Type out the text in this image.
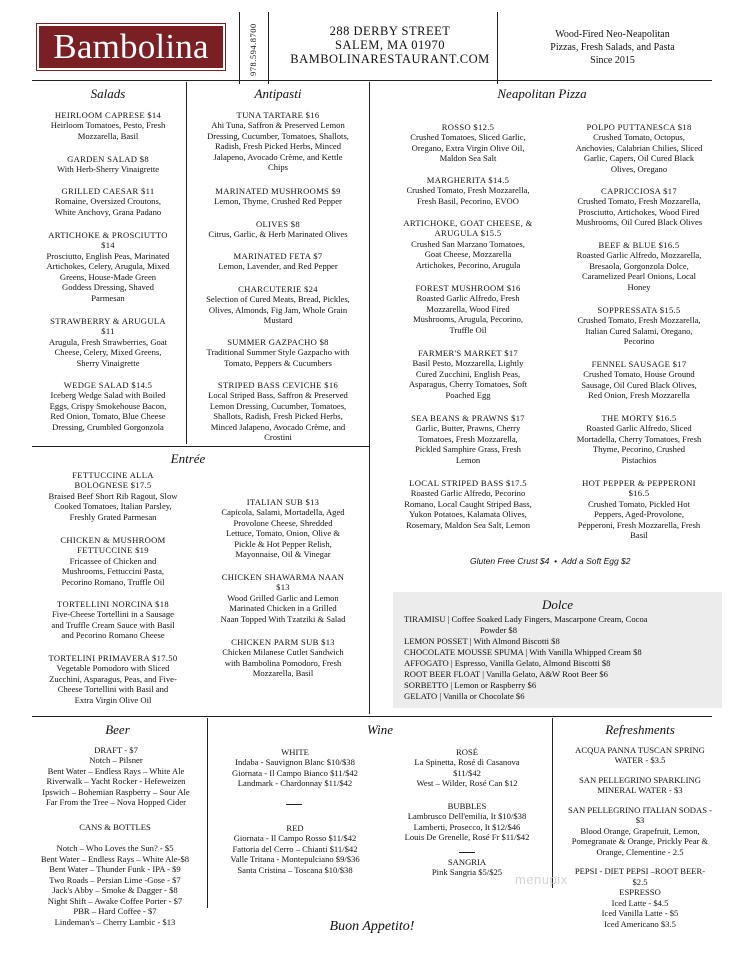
Bambolina	978.594.8700	288 DERBY STREET
SALEM, MA 01970
BAMBOLINARESTAURANT.COM
Wood-Fired Neo-Neapolitan
Pizzas, Fresh Salads, and Pasta
Since 2015
Salads
HEIRLOOM CAPRESE $14
Heirloom Tomatoes, Pesto, Fresh
Mozzarella, Basil
GARDEN SALAD $8
With Herb-Sherry Vinaigrette
GRILLED CAESAR $11
Romaine, Oversized Croutons,
White Anchovy, Grana Padano
ARTICHOKE & PROSCIUTTO
$14
Prosciutto, English Peas, Marinated
Artichokes, Celery, Arugula, Mixed
Greens, House-Made Green
Goddess Dressing, Shaved
Parmesan
STRAWBERRY & ARUGULA
$11
Arugula, Fresh Strawberries, Goat
Cheese, Celery, Mixed Greens,
Sherry Vinaigrette
WEDGE SALAD $14.5
Iceberg Wedge Salad with Boiled
Eggs, Crispy Smokehouse Bacon,
Red Onion, Tomato, Blue Cheese
Dressing, Crumbled Gorgonzola
Antipasti
TUNA TARTARE $16
Ahi Tuna, Saffron & Preserved Lemon
Dressing, Cucumber, Tomatoes, Shallots,
Radish, Fresh Picked Herbs, Minced
Jalapeno, Avocado Crème, and Kettle
Chips
MARINATED MUSHROOMS $9
Lemon, Thyme, Crushed Red Pepper
OLIVES $8
Citrus, Garlic, & Herb Marinated Olives
MARINATED FETA $7
Lemon, Lavender, and Red Pepper
CHARCUTERIE $24
Selection of Cured Meats, Bread, Pickles,
Olives, Almonds, Fig Jam, Whole Grain
Mustard
SUMMER GAZPACHO $8
Traditional Summer Style Gazpacho with
Tomato, Peppers & Cucumbers
STRIPED BASS CEVICHE $16
Local Striped Bass, Saffron & Preserved
Lemon Dressing, Cucumber, Tomatoes,
Shallots, Radish, Fresh Picked Herbs,
Minced Jalapeno, Avocado Crème, and
Crostini
Neapolitan Pizza
ROSSO $12.5
Crushed Tomatoes, Sliced Garlic,
Oregano, Extra Virgin Olive Oil,
Maldon Sea Salt
MARGHERITA $14.5
Crushed Tomato, Fresh Mozzarella,
Fresh Basil, Pecorino, EVOO
ARTICHOKE, GOAT CHEESE, &
ARUGULA $15.5
Crushed San Marzano Tomatoes,
Goat Cheese, Mozzarella
Artichokes, Pecorino, Arugula
FOREST MUSHROOM $16
Roasted Garlic Alfredo, Fresh
Mozzarella, Wood Fired
Mushrooms, Arugula, Pecorino,
Truffle Oil
FARMER'S MARKET $17
Basil Pesto, Mozzarella, Lightly
Cured Zucchini, English Peas,
Asparagus, Cherry Tomatoes, Soft
Poached Egg
SEA BEANS & PRAWNS $17
Garlic, Butter, Prawns, Cherry
Tomatoes, Fresh Mozzarella,
Pickled Samphire Grass, Fresh
Lemon
LOCAL STRIPED BASS $17.5
Roasted Garlic Alfredo, Pecorino
Romano, Local Caught Striped Bass,
Yukon Potatoes, Kalamata Olives,
Rosemary, Maldon Sea Salt, Lemon
POLPO PUTTANESCA $18
Crushed Tomato, Octopus,
Anchovies, Calabrian Chilies, Sliced
Garlic, Capers, Oil Cured Black
Olives, Oregano
CAPRICCIOSA $17
Crushed Tomato, Fresh Mozzarella,
Prosciutto, Artichokes, Wood Fired
Mushrooms, Oil Cured Black Olives
BEEF & BLUE $16.5
Roasted Garlic Alfredo, Mozzarella,
Bresaola, Gorgonzola Dolce,
Caramelized Pearl Onions, Local
Honey
SOPPRESSATA $15.5
Crushed Tomato, Fresh Mozzarella,
Italian Cured Salami, Oregano,
Pecorino
FENNEL SAUSAGE $17
Crushed Tomato, House Ground
Sausage, Oil Cured Black Olives,
Red Onion, Fresh Mozzarella
THE MORTY $16.5
Roasted Garlic Alfredo, Sliced
Mortadella, Cherry Tomatoes, Fresh
Thyme, Pecorino, Crushed
Pistachios
HOT PEPPER & PEPPERONI
$16.5
Crushed Tomato, Pickled Hot
Peppers, Aged-Provolone,
Pepperoni, Fresh Mozzarella, Fresh
Basil
Gluten Free Crust $4 • Add a Soft Egg $2
Entrée
FETTUCCINE ALLA
BOLOGNESE $17.5
Braised Beef Short Rib Ragout, Slow
Cooked Tomatoes, Italian Parsley,
Freshly Grated Parmesan
CHICKEN & MUSHROOM
FETTUCCINE $19
Fricassee of Chicken and
Mushrooms, Fettuccini Pasta,
Pecorino Romano, Truffle Oil
TORTELLINI NORCINA $18
Five-Cheese Tortellini in a Sausage
and Truffle Cream Sauce with Basil
and Pecorino Romano Cheese
TORTELINI PRIMAVERA $17.50
Vegetable Pomodoro with Sliced
Zucchini, Asparagus, Peas, and Five-
Cheese Tortellini with Basil and
Extra Virgin Olive Oil
ITALIAN SUB $13
Capicola, Salami, Mortadella, Aged
Provolone Cheese, Shredded
Lettuce, Tomato, Onion, Olive &
Pickle & Hot Pepper Relish,
Mayonnaise, Oil & Vinegar
CHICKEN SHAWARMA NAAN
$13
Wood Grilled Garlic and Lemon
Marinated Chicken in a Grilled
Naan Topped With Tzatziki & Salad
CHICKEN PARM SUB $13
Chicken Milanese Cutlet Sandwich
with Bambolina Pomodoro, Fresh
Mozzarella, Basil
Dolce
TIRAMISU | Coffee Soaked Lady Fingers, Mascarpone Cream, Cocoa
Powder $8
LEMON POSSET | With Almond Biscotti $8
CHOCOLATE MOUSSE SPUMA | With Vanilla Whipped Cream $8
AFFOGATO | Espresso, Vanilla Gelato, Almond Biscotti $8
ROOT BEER FLOAT | Vanilla Gelato, A&W Root Beer $6
SORBETTO | Lemon or Raspberry $6
GELATO | Vanilla or Chocolate $6
Beer
DRAFT - $7
Notch – Pilsner
Bent Water – Endless Rays – White Ale
Riverwalk – Yacht Rocker - Hefeweizen
Ipswich – Bohemian Raspberry – Sour Ale
Far From the Tree – Nova Hopped Cider
CANS & BOTTLES
Notch – Who Loves the Sun? - $5
Bent Water – Endless Rays – White Ale-$8
Bent Water – Thunder Funk - IPA - $9
Two Roads – Persian Lime -Gose - $7
Jack's Abby – Smoke & Dagger - $8
Night Shift – Awake Coffee Porter - $7
PBR – Hard Coffee - $7
Lindeman's – Cherry Lambic - $13
Wine
WHITE
Indaba - Sauvignon Blanc $10/$38
Giornata - Il Campo Bianco $11/$42
Landmark - Chardonnay $11/$42
RED
Giornata - Il Campo Rosso $11/$42
Fattoria del Cerro – Chianti $11/$42
Valle Tritana - Montepulciano $9/$36
Santa Cristina – Toscana $10/$38
ROSÉ
La Spinetta, Rosé di Casanova
$11/$42
West – Wilder, Rosé Can $12
BUBBLES
Lambrusco Dell'emilia, It $10/$38
Lamberti, Prosecco, It $12/$46
Louis De Grenelle, Rosé Fr $11/$42
SANGRIA
Pink Sangria $5/$25
Refreshments
ACQUA PANNA TUSCAN SPRING
WATER - $3.5
SAN PELLEGRINO SPARKLING
MINERAL WATER - $3
SAN PELLEGRINO ITALIAN SODAS -
$3
Blood Orange, Grapefruit, Lemon,
Pomegranate & Orange, Prickly Pear &
Orange, Clementine - 2.5
PEPSI - DIET PEPSI –ROOT BEER-
$2.5
ESPRESSO
Iced Latte - $4.5
Iced Vanilla Latte - $5
Iced Americano $3.5
menupix
Buon Appetito!
